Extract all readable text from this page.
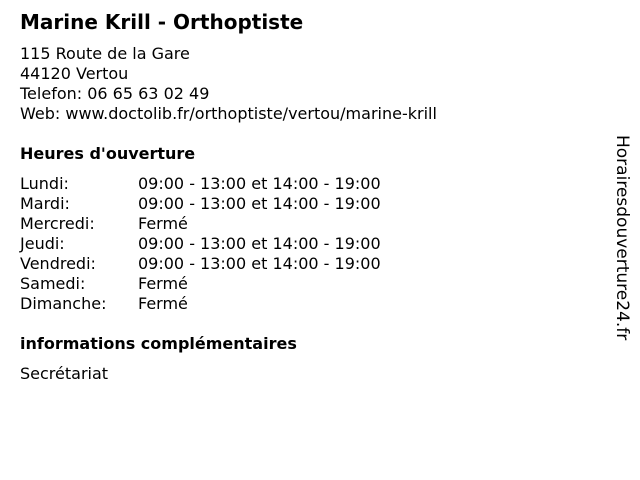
Marine Krill - Orthoptiste
115 Route de la Gare
44120 Vertou
Telefon: 06 65 63 02 49
Web: www.doctolib.fr/orthoptiste/vertou/marine-krill
Heures d'ouverture
Lundi:	09:00 - 13:00 et 14:00 - 19:00
Mardi:	09:00 - 13:00 et 14:00 - 19:00
Mercredi:	Fermé
Jeudi:	09:00 - 13:00 et 14:00 - 19:00
Vendredi:	09:00 - 13:00 et 14:00 - 19:00
Samedi:	Fermé
Dimanche: Fermé
informations complémentaires
Secrétariat
Horairesdouverture24.fr
